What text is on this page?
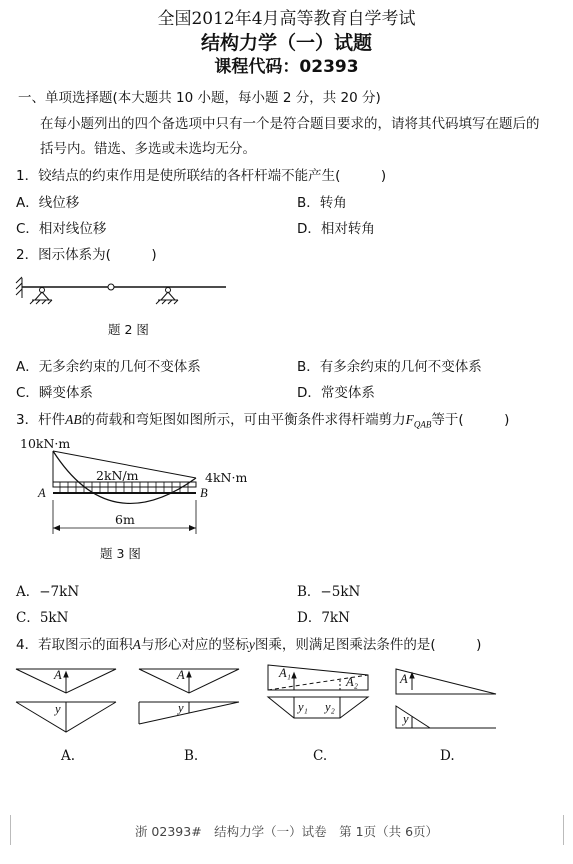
全国2012年4月高等教育自学考试
结构力学（一）试题
课程代码：02393
一、单项选择题(本大题共 10 小题，每小题 2 分，共 20 分)
在每小题列出的四个备选项中只有一个是符合题目要求的，请将其代码填写在题后的
括号内。错选、多选或未选均无分。
1．铰结点的约束作用是使所联结的各杆杆端不能产生(　　　)
A．线位移	B．转角
C．相对线位移	D．相对转角
2．图示体系为(　　　)
题 2 图
A．无多余约束的几何不变体系	B．有多余约束的几何不变体系
C．瞬变体系	D．常变体系
3．杆件AB的荷载和弯矩图如图所示，可由平衡条件求得杆端剪力$F_{QAB}$等于(　　　)
10kN·m
4kN·m
2kN/m
A	B
6m
题 3 图
A．−7kN	B．−5kN
C．5kN	D．7kN
4．若取图示的面积A与形心对应的竖标y图乘，则满足图乘法条件的是(　　　)
A
y
A
y
A₁
A₂
y₁ y₂
A
y
A.	B.	C.	D.
浙 02393#　结构力学（一）试卷　第 1页（共 6页）
